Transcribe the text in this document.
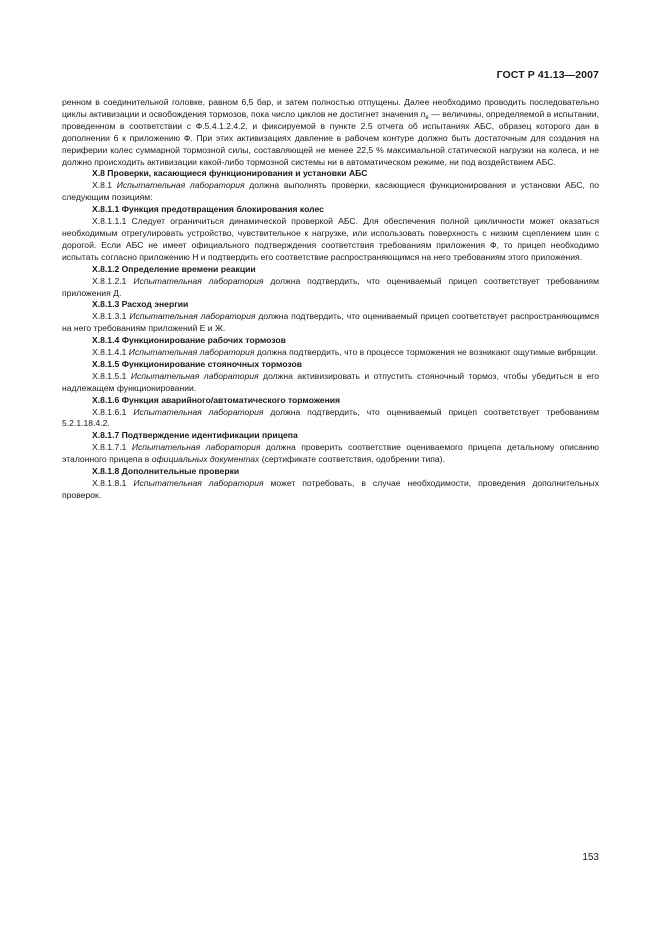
ГОСТ Р 41.13—2007

ренном в соединительной головке, равном 6,5 бар, и затем полностью отпущены. Далее необходимо проводить последовательно циклы активизации и освобождения тормозов, пока число циклов не достигнет значения $n_e$ — величины, определяемой в испытании, проведенном в соответствии с Ф.5.4.1.2.4.2, и фиксируемой в пункте 2.5 отчета об испытаниях АБС, образец которого дан в дополнении 6 к приложению Ф. При этих активизациях давление в рабочем контуре должно быть достаточным для создания на периферии колес суммарной тормозной силы, составляющей не менее 22,5 % максимальной статической нагрузки на колеса, и не должно происходить активизации какой-либо тормозной системы ни в автоматическом режиме, ни под воздействием АБС.

X.8 Проверки, касающиеся функционирования и установки АБС

X.8.1 Испытательная лаборатория должна выполнять проверки, касающиеся функционирования и установки АБС, по следующим позициям:

X.8.1.1 Функция предотвращения блокирования колес

X.8.1.1.1 Следует ограничиться динамической проверкой АБС. Для обеспечения полной цикличности может оказаться необходимым отрегулировать устройство, чувствительное к нагрузке, или использовать поверхность с низким сцеплением шин с дорогой. Если АБС не имеет официального подтверждения соответствия требованиям приложения Ф, то прицеп необходимо испытать согласно приложению Н и подтвердить его соответствие распространяющимся на него требованиям этого приложения.

X.8.1.2 Определение времени реакции

X.8.1.2.1 Испытательная лаборатория должна подтвердить, что оцениваемый прицеп соответствует требованиям приложения Д.

X.8.1.3 Расход энергии

X.8.1.3.1 Испытательная лаборатория должна подтвердить, что оцениваемый прицеп соответствует распространяющимся на него требованиям приложений Е и Ж.

X.8.1.4 Функционирование рабочих тормозов

X.8.1.4.1 Испытательная лаборатория должна подтвердить, что в процессе торможения не возникают ощутимые вибрации.

X.8.1.5 Функционирование стояночных тормозов

X.8.1.5.1 Испытательная лаборатория должна активизировать и отпустить стояночный тормоз, чтобы убедиться в его надлежащем функционировании.

X.8.1.6 Функция аварийного/автоматического торможения

X.8.1.6.1 Испытательная лаборатория должна подтвердить, что оцениваемый прицеп соответствует требованиям 5.2.1.18.4.2.

X.8.1.7 Подтверждение идентификации прицепа

X.8.1.7.1 Испытательная лаборатория должна проверить соответствие оцениваемого прицепа детальному описанию эталонного прицепа в официальных документах (сертификате соответствия, одобрении типа).

X.8.1.8 Дополнительные проверки

X.8.1.8.1 Испытательная лаборатория может потребовать, в случае необходимости, проведения дополнительных проверок.

153
